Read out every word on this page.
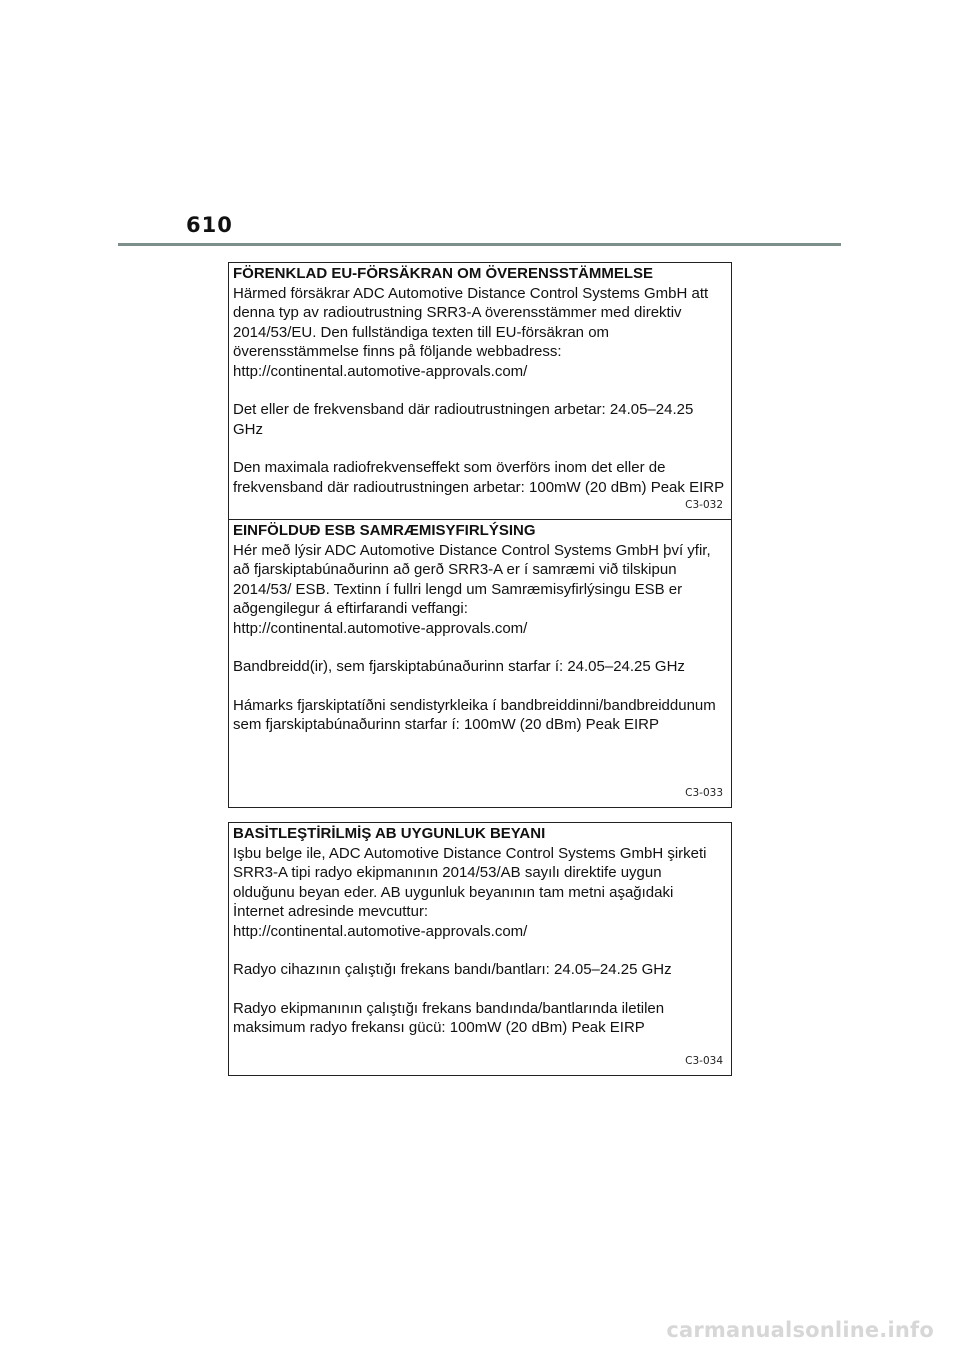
610

FÖRENKLAD EU-FÖRSÄKRAN OM ÖVERENSSTÄMMELSE

Härmed försäkrar ADC Automotive Distance Control Systems GmbH att denna typ av radioutrustning SRR3-A överensstämmer med direktiv 2014/53/EU. Den fullständiga texten till EU-försäkran om överensstämmelse finns på följande webbadress:

http://continental.automotive-approvals.com/

Det eller de frekvensband där radioutrustningen arbetar: 24.05–24.25 GHz

Den maximala radiofrekvenseffekt som överförs inom det eller de frekvensband där radioutrustningen arbetar: 100mW (20 dBm) Peak EIRP

C3-032

EINFÖLDUÐ ESB SAMRÆMISYFIRLÝSING

Hér með lýsir ADC Automotive Distance Control Systems GmbH því yfir, að fjarskiptabúnaðurinn að gerð SRR3-A er í samræmi við tilskipun 2014/53/ ESB. Textinn í fullri lengd um Samræmisyfirlýsingu ESB er aðgengilegur á eftirfarandi veffangi:

http://continental.automotive-approvals.com/

Bandbreidd(ir), sem fjarskiptabúnaðurinn starfar í: 24.05–24.25 GHz

Hámarks fjarskiptatíðni sendistyrkleika í bandbreiddinni/bandbreiddunum sem fjarskiptabúnaðurinn starfar í: 100mW (20 dBm) Peak EIRP

C3-033

BASİTLEŞTİRİLMİŞ AB UYGUNLUK BEYANI

Işbu belge ile, ADC Automotive Distance Control Systems GmbH şirketi SRR3-A tipi radyo ekipmanının 2014/53/AB sayılı direktife uygun olduğunu beyan eder. AB uygunluk beyanının tam metni aşağıdaki İnternet adresinde mevcuttur:

http://continental.automotive-approvals.com/

Radyo cihazının çalıştığı frekans bandı/bantları: 24.05–24.25 GHz

Radyo ekipmanının çalıştığı frekans bandında/bantlarında iletilen maksimum radyo frekansı gücü: 100mW (20 dBm) Peak EIRP

C3-034
carmanualsonline.info
